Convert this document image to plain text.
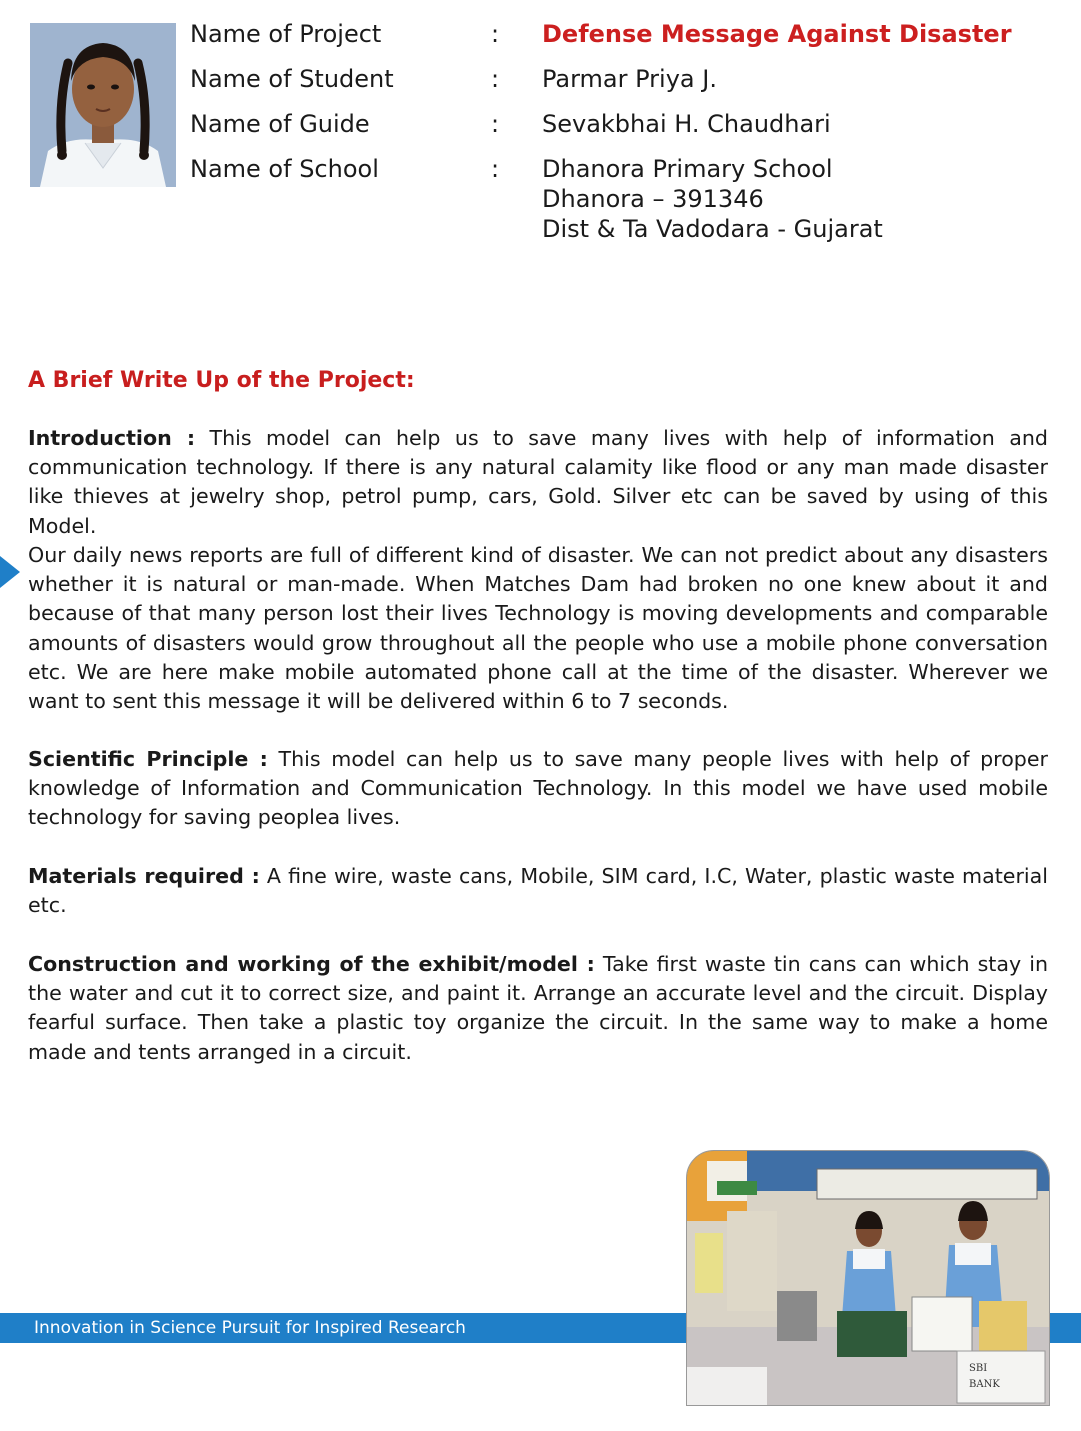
Name of Project	: Defense Message Against Disaster
Name of Student	: Parmar Priya J.
Name of Guide	: Sevakbhai H. Chaudhari
Name of School	: Dhanora Primary School
Dhanora – 391346
Dist & Ta Vadodara - Gujarat
A Brief Write Up of the Project:

Introduction : This model can help us to save many lives with help of information and communication technology. If there is any natural calamity like flood or any man made disaster like thieves at jewelry shop, petrol pump, cars, Gold. Silver etc can be saved by using of this Model.

Our daily news reports are full of different kind of disaster. We can not predict about any disasters whether it is natural or man-made. When Matches Dam had broken no one knew about it and because of that many person lost their lives Technology is moving developments and comparable amounts of disasters would grow throughout all the people who use a mobile phone conversation etc. We are here make mobile automated phone call at the time of the disaster. Wherever we want to sent this message it will be delivered within 6 to 7 seconds.

Scientific Principle : This model can help us to save many people lives with help of proper knowledge of Information and Communication Technology. In this model we have used mobile technology for saving peoplea lives.

Materials required : A fine wire, waste cans, Mobile, SIM card, I.C, Water, plastic waste material etc.

Construction and working of the exhibit/model : Take first waste tin cans can which stay in the water and cut it to correct size, and paint it. Arrange an accurate level and the circuit. Display fearful surface. Then take a plastic toy organize the circuit. In the same way to make a home made and tents arranged in a circuit.

Innovation in Science Pursuit for Inspired Research
SBI
BANK
